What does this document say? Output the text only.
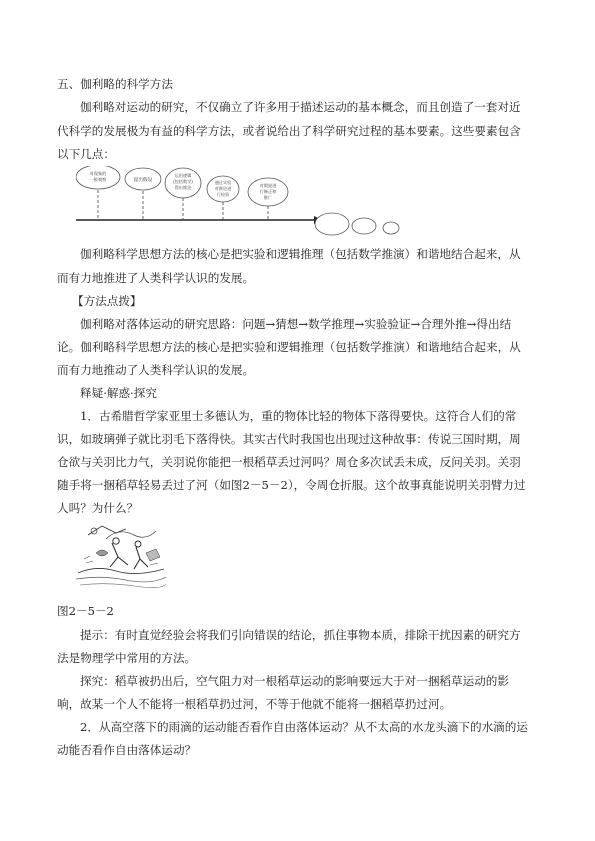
五、伽利略的科学方法
伽利略对运动的研究，不仅确立了许多用于描述运动的基本概念，而且创造了一套对近
代科学的发展极为有益的科学方法，或者说给出了科学研究过程的基本要素。这些要素包含
以下几点：
对现象的
一般观察	提出假设
运用逻辑
(包括数学)
得出推论
通过实验
对推论进
行检验
对假说进
行修正和
推广
伽利略科学思想方法的核心是把实验和逻辑推理（包括数学推演）和谐地结合起来，从
而有力地推进了人类科学认识的发展。
【方法点拨】
伽利略对落体运动的研究思路：问题→猜想→数学推理→实验验证→合理外推→得出结
论。伽利略科学思想方法的核心是把实验和逻辑推理（包括数学推演）和谐地结合起来，从
而有力地推动了人类科学认识的发展。
释疑·解惑·探究
1．古希腊哲学家亚里士多德认为，重的物体比轻的物体下落得要快。这符合人们的常
识，如玻璃弹子就比羽毛下落得快。其实古代时我国也出现过这种故事：传说三国时期，周
仓欲与关羽比力气，关羽说你能把一根稻草丢过河吗？周仓多次试丢未成，反问关羽。关羽
随手将一捆稻草轻易丢过了河（如图2－5－2），令周仓折服。这个故事真能说明关羽臂力过
人吗？为什么？
图2－5－2
提示：有时直觉经验会将我们引向错误的结论，抓住事物本质，排除干扰因素的研究方
法是物理学中常用的方法。
探究：稻草被扔出后，空气阻力对一根稻草运动的影响要远大于对一捆稻草运动的影
响，故某一个人不能将一根稻草扔过河，不等于他就不能将一捆稻草扔过河。
2．从高空落下的雨滴的运动能否看作自由落体运动？从不太高的水龙头滴下的水滴的运
动能否看作自由落体运动？
